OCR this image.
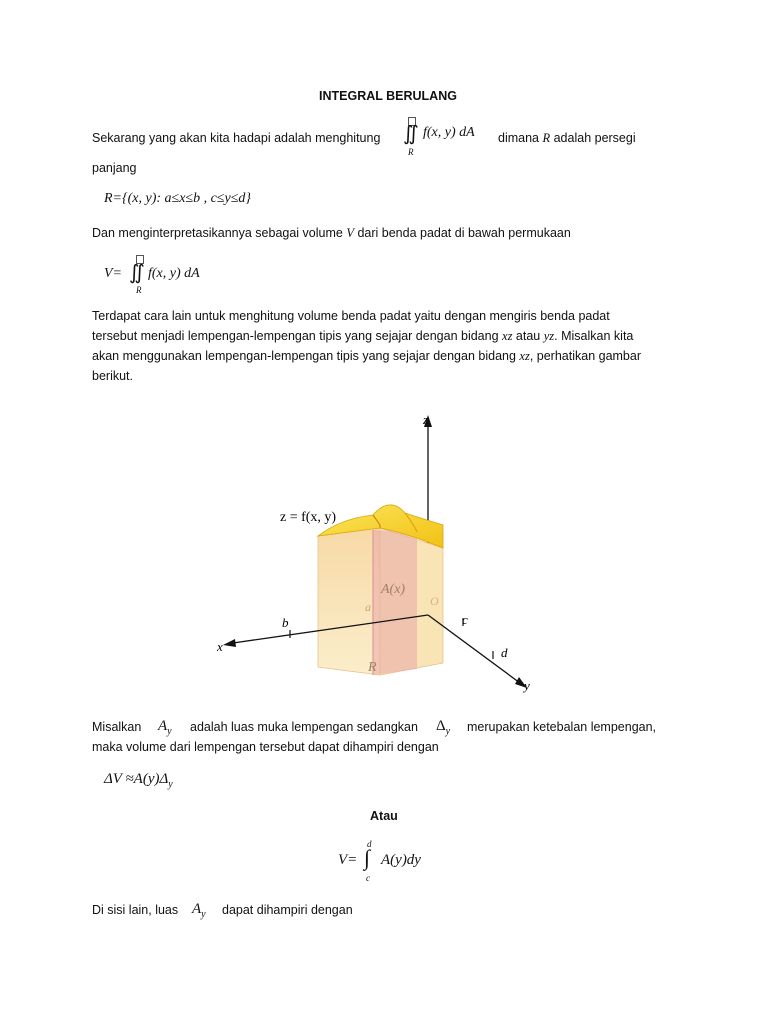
INTEGRAL BERULANG
Sekarang yang akan kita hadapi adalah menghitung ∬ f(x, y) dA
R
dimana R adalah persegi
panjang
R={(x, y): a≤x≤b , c≤y≤d}
Dan menginterpretasikannya sebagai volume V dari benda padat di bawah permukaan
V= ∬ f(x, y) dA
R
Terdapat cara lain untuk menghitung volume benda padat yaitu dengan mengiris benda padat
tersebut menjadi lempengan-lempengan tipis yang sejajar dengan bidang xz atau yz. Misalkan kita
akan menggunakan lempengan-lempengan tipis yang sejajar dengan bidang xz, perhatikan gambar
berikut.
z
x
y
z = f(x, y)
b	c
d
a	O
A(x)
R
Misalkan $A_y$ adalah luas muka lempengan sedangkan $\Delta_y$ merupakan ketebalan lempengan,
maka volume dari lempengan tersebut dapat dihampiri dengan
$\Delta V \approx A(y)\Delta_y$
Atau
V=
d
∫
c
A(y)dy
Di sisi lain, luas $A_y$ dapat dihampiri dengan
